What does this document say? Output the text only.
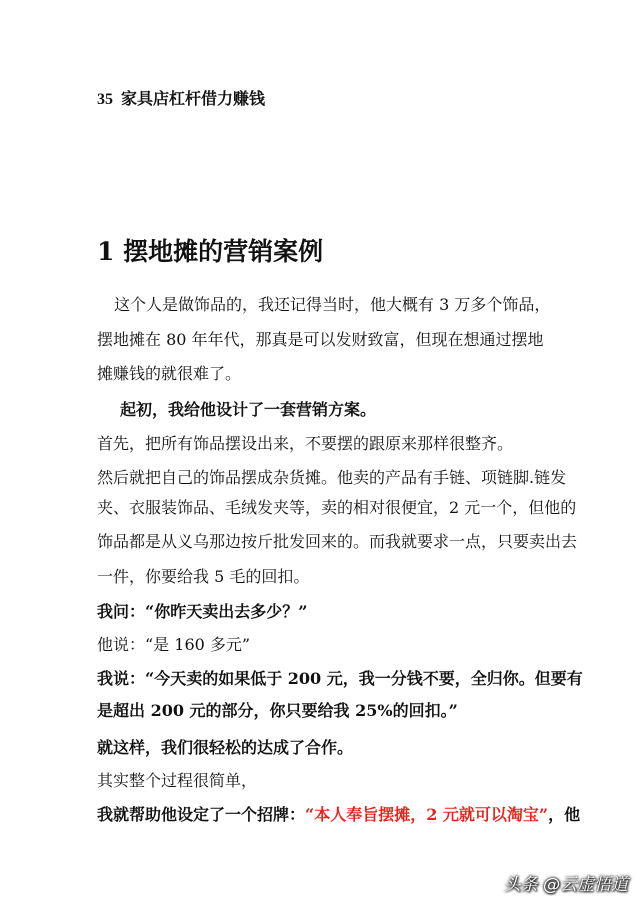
35 家具店杠杆借力赚钱
1 摆地摊的营销案例

这个人是做饰品的，我还记得当时，他大概有 3 万多个饰品，

摆地摊在 80 年年代，那真是可以发财致富，但现在想通过摆地

摊赚钱的就很难了。

起初，我给他设计了一套营销方案。

首先，把所有饰品摆设出来，不要摆的跟原来那样很整齐。

然后就把自己的饰品摆成杂货摊。他卖的产品有手链、项链脚.链发

夹、衣服装饰品、毛绒发夹等，卖的相对很便宜，2 元一个，但他的

饰品都是从义乌那边按斤批发回来的。而我就要求一点，只要卖出去

一件，你要给我 5 毛的回扣。

我问：“你昨天卖出去多少？”

他说：“是 160 多元”

我说：“今天卖的如果低于 200 元，我一分钱不要，全归你。但要有

是超出 200 元的部分，你只要给我 25%的回扣。”

就这样，我们很轻松的达成了合作。

其实整个过程很简单，

我就帮助他设定了一个招牌：“本人奉旨摆摊，2 元就可以淘宝”，他

头条 @云虚悟道
